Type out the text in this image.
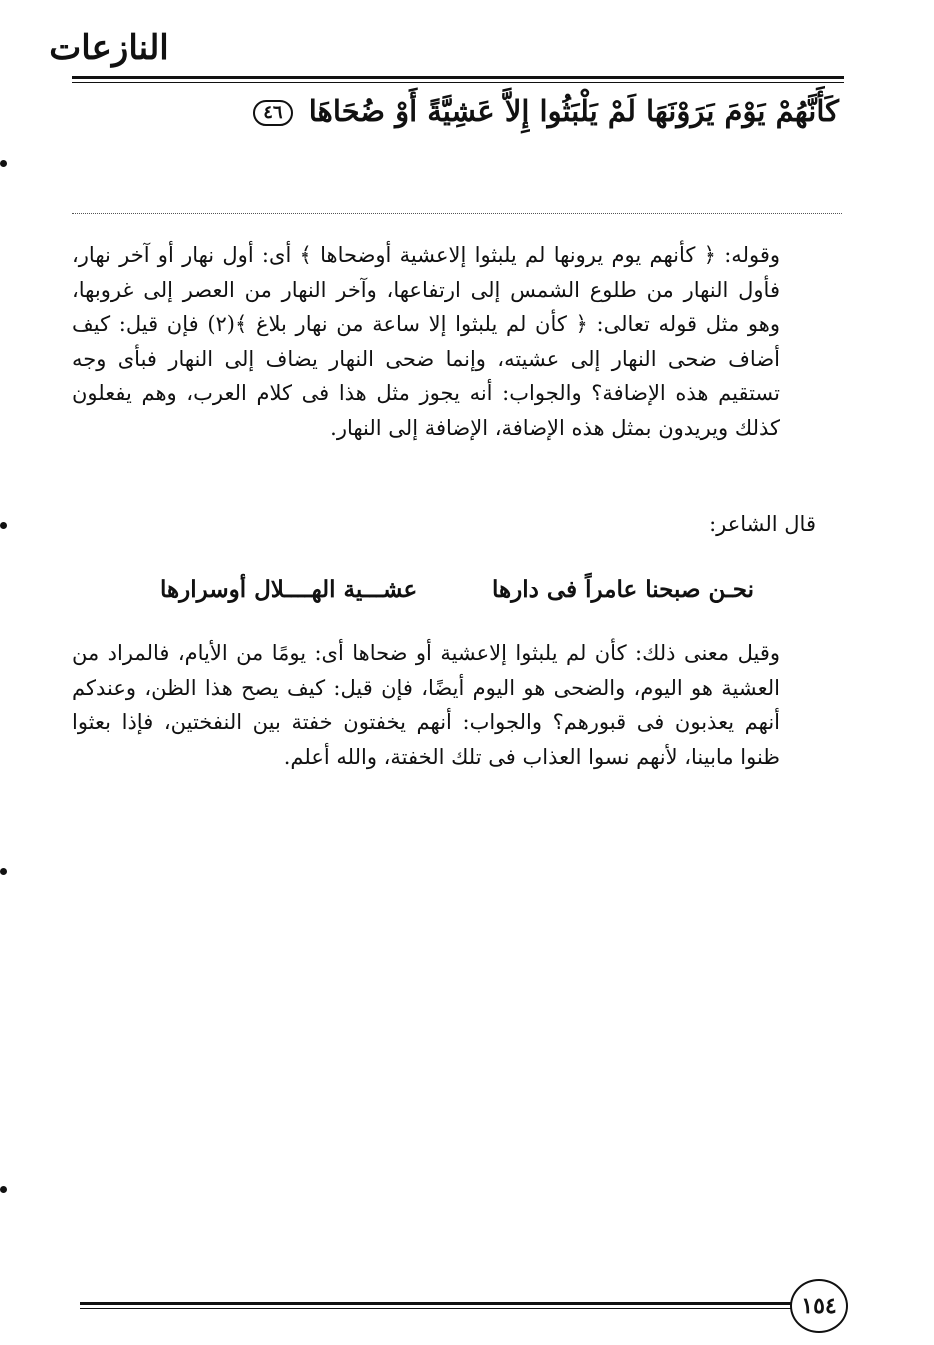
النازعات
كَأَنَّهُمْ يَوْمَ يَرَوْنَهَا لَمْ يَلْبَثُوا إِلاَّ عَشِيَّةً أَوْ ضُحَاهَا ٤٦

وقوله: ﴿ كأنهم يوم يرونها لم يلبثوا إلاعشية أوضحاها ﴾ أى: أول نهار أو آخر نهار، فأول النهار من طلوع الشمس إلى ارتفاعها، وآخر النهار من العصر إلى غروبها، وهو مثل قوله تعالى: ﴿ كأن لم يلبثوا إلا ساعة من نهار بلاغ ﴾(٢) فإن قيل: كيف أضاف ضحى النهار إلى عشيته، وإنما ضحى النهار يضاف إلى النهار فبأى وجه تستقيم هذه الإضافة؟ والجواب: أنه يجوز مثل هذا فى كلام العرب، وهم يفعلون كذلك ويريدون بمثل هذه الإضافة، الإضافة إلى النهار.

قال الشاعر:
نحـن صبحنا عامراً فى دارها
عشـــية الهــــلال أوسرارها

وقيل معنى ذلك: كأن لم يلبثوا إلاعشية أو ضحاها أى: يومًا من الأيام، فالمراد من العشية هو اليوم، والضحى هو اليوم أيضًا، فإن قيل: كيف يصح هذا الظن، وعندكم أنهم يعذبون فى قبورهم؟ والجواب: أنهم يخفتون خفتة بين النفختين، فإذا بعثوا ظنوا مابينا، لأنهم نسوا العذاب فى تلك الخفتة، والله أعلم.

١٥٤
